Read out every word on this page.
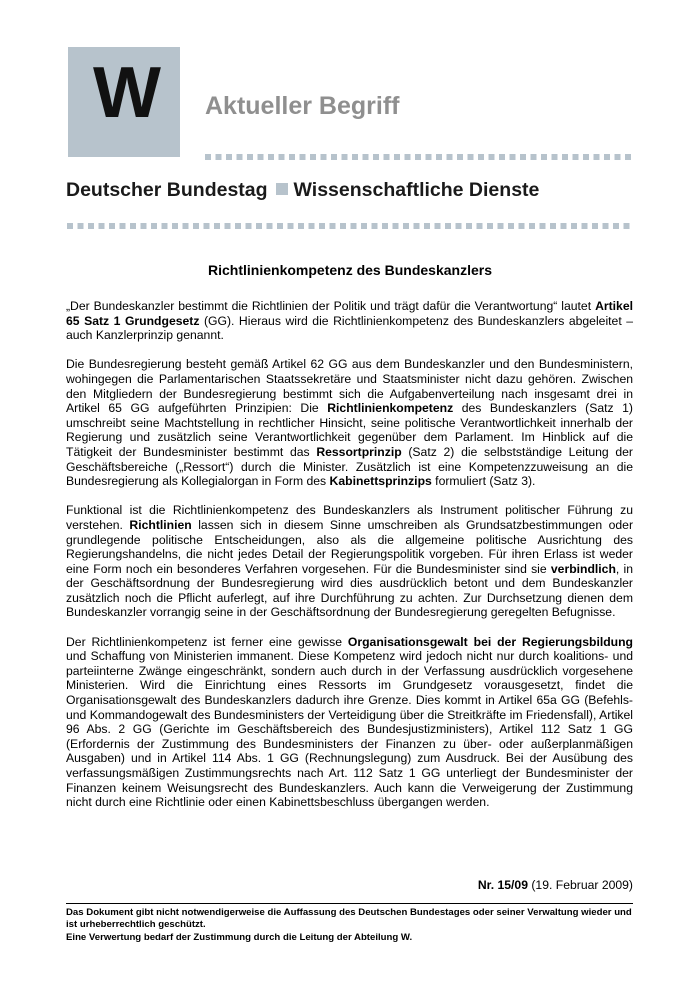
W	Aktueller Begriff
Deutscher Bundestag Wissenschaftliche Dienste
Richtlinienkompetenz des Bundeskanzlers

„Der Bundeskanzler bestimmt die Richtlinien der Politik und trägt dafür die Verantwortung“ lautet Artikel 65 Satz 1 Grundgesetz (GG). Hieraus wird die Richtlinienkompetenz des Bundeskanzlers abgeleitet – auch Kanzlerprinzip genannt.

Die Bundesregierung besteht gemäß Artikel 62 GG aus dem Bundeskanzler und den Bundesministern, wohingegen die Parlamentarischen Staatssekretäre und Staatsminister nicht dazu gehören. Zwischen den Mitgliedern der Bundesregierung bestimmt sich die Aufgabenverteilung nach insgesamt drei in Artikel 65 GG aufgeführten Prinzipien: Die Richtlinienkompetenz des Bundeskanzlers (Satz 1) umschreibt seine Machtstellung in rechtlicher Hinsicht, seine politische Verantwortlichkeit innerhalb der Regierung und zusätzlich seine Verantwortlichkeit gegenüber dem Parlament. Im Hinblick auf die Tätigkeit der Bundesminister bestimmt das Ressortprinzip (Satz 2) die selbstständige Leitung der Geschäftsbereiche („Ressort“) durch die Minister. Zusätzlich ist eine Kompetenzzuweisung an die Bundesregierung als Kollegialorgan in Form des Kabinettsprinzips formuliert (Satz 3).

Funktional ist die Richtlinienkompetenz des Bundeskanzlers als Instrument politischer Führung zu verstehen. Richtlinien lassen sich in diesem Sinne umschreiben als Grundsatzbestimmungen oder grundlegende politische Entscheidungen, also als die allgemeine politische Ausrichtung des Regierungshandelns, die nicht jedes Detail der Regierungspolitik vorgeben. Für ihren Erlass ist weder eine Form noch ein besonderes Verfahren vorgesehen. Für die Bundesminister sind sie verbindlich, in der Geschäftsordnung der Bundesregierung wird dies ausdrücklich betont und dem Bundeskanzler zusätzlich noch die Pflicht auferlegt, auf ihre Durchführung zu achten. Zur Durchsetzung dienen dem Bundeskanzler vorrangig seine in der Geschäftsordnung der Bundesregierung geregelten Befugnisse.

Der Richtlinienkompetenz ist ferner eine gewisse Organisationsgewalt bei der Regierungsbildung und Schaffung von Ministerien immanent. Diese Kompetenz wird jedoch nicht nur durch koalitions- und parteiinterne Zwänge eingeschränkt, sondern auch durch in der Verfassung ausdrücklich vorgesehene Ministerien. Wird die Einrichtung eines Ressorts im Grundgesetz vorausgesetzt, findet die Organisationsgewalt des Bundeskanzlers dadurch ihre Grenze. Dies kommt in Artikel 65a GG (Befehls- und Kommandogewalt des Bundesministers der Verteidigung über die Streitkräfte im Friedensfall), Artikel 96 Abs. 2 GG (Gerichte im Geschäftsbereich des Bundesjustizministers), Artikel 112 Satz 1 GG (Erfordernis der Zustimmung des Bundesministers der Finanzen zu über- oder außerplanmäßigen Ausgaben) und in Artikel 114 Abs. 1 GG (Rechnungslegung) zum Ausdruck. Bei der Ausübung des verfassungsmäßigen Zustimmungsrechts nach Art. 112 Satz 1 GG unterliegt der Bundesminister der Finanzen keinem Weisungsrecht des Bundeskanzlers. Auch kann die Verweigerung der Zustimmung nicht durch eine Richtlinie oder einen Kabinettsbeschluss übergangen werden.

Nr. 15/09 (19. Februar 2009)
Das Dokument gibt nicht notwendigerweise die Auffassung des Deutschen Bundestages oder seiner Verwaltung wieder und ist urheberrechtlich geschützt.
Eine Verwertung bedarf der Zustimmung durch die Leitung der Abteilung W.
